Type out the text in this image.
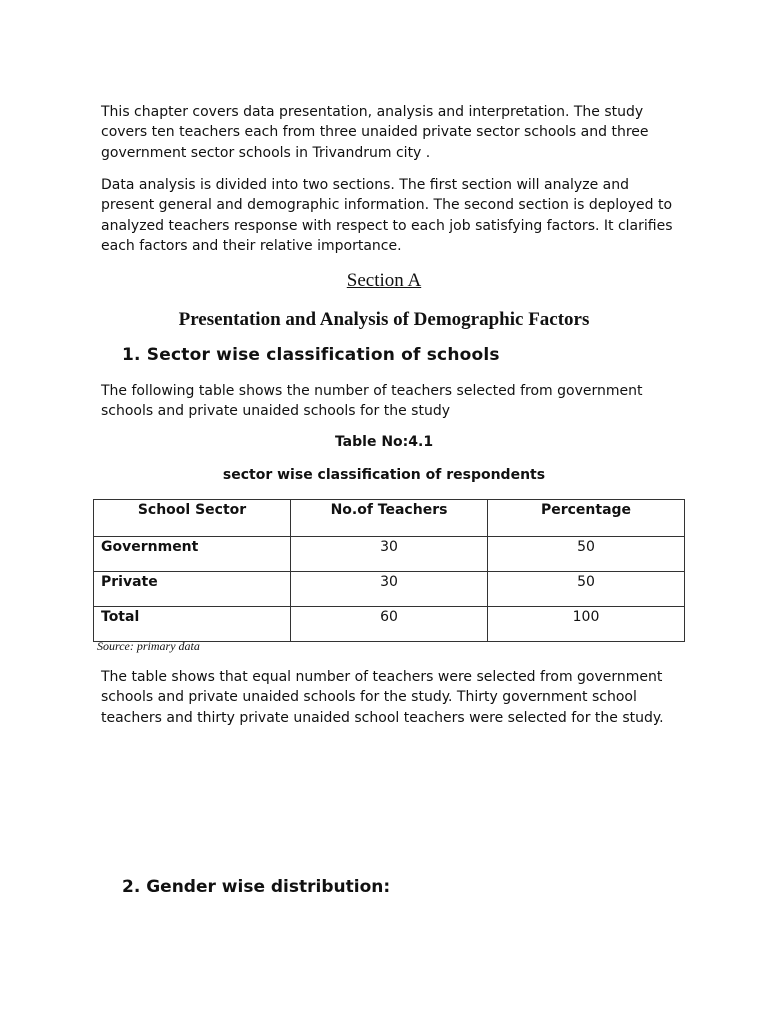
This chapter covers data presentation, analysis and interpretation. The study covers ten teachers each from three unaided private sector schools and three government sector schools in Trivandrum city .

Data analysis is divided into two sections. The first section will analyze and present general and demographic information. The second section is deployed to analyzed teachers response with respect to each job satisfying factors. It clarifies each factors and their relative importance.

Section A
Presentation and Analysis of Demographic Factors
1. Sector wise classification of schools

The following table shows the number of teachers selected from government schools and private unaided schools for the study

Table No:4.1
sector wise classification of respondents
School Sector	No.of Teachers	Percentage
Government	30	50
Private	30	50
Total	60	100
Source: primary data

The table shows that equal number of teachers were selected from government schools and private unaided schools for the study. Thirty government school teachers and thirty private unaided school teachers were selected for the study.

2. Gender wise distribution:
